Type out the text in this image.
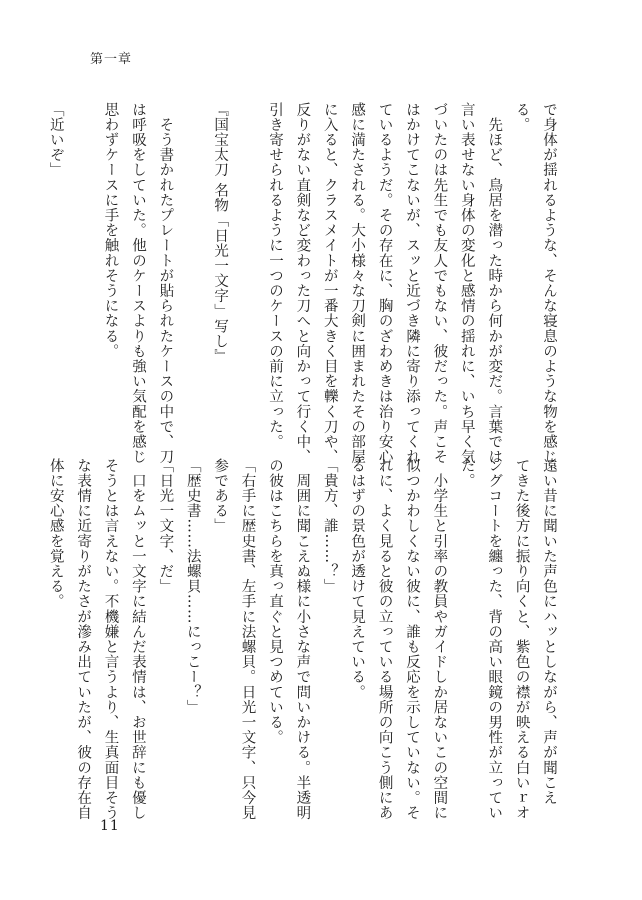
第一章
で身体が揺れるような、そんな寝息のような物を感じ
る。
　先ほど、鳥居を潜った時から何かが変だ。言葉では
言い表せない身体の変化と感情の揺れに、いち早く気
づいたのは先生でも友人でもない、彼だった。声こそ
はかけてこないが、スッと近づき隣に寄り添ってくれ
ているようだ。その存在に、胸のざわめきは治り安心
感に満たされる。大小様々な刀剣に囲まれたその部屋
に入ると、クラスメイトが一番大きく目を轢く刀や、
反りがない直剣など変わった刀へと向かって行く中、
引き寄せられるように一つのケースの前に立った。
『国宝太刀 名物「日光一文字」写し』
　そう書かれたプレートが貼られたケースの中で、刀
は呼吸をしていた。他のケースよりも強い気配を感じ
思わずケースに手を触れそうになる。
「近いぞ」
遠い昔に聞いた声色にハッとしながら、声が聞こえ
てきた後方に振り向くと、紫色の襟が映える白いｒオ
ングコートを纏った、背の高い眼鏡の男性が立ってい
た。
　小学生と引率の教員やガイドしか居ないこの空間に
似つかわしくない彼に、誰も反応を示していない。そ
れに、よく見ると彼の立っている場所の向こう側にあ
るはずの景色が透けて見えている。
「貴方、誰……？」
　周囲に聞こえぬ様に小さな声で問いかける。半透明
の彼はこちらを真っ直ぐと見つめている。
「右手に歴史書、左手に法螺貝。日光一文字、只今見
参である」
「歴史書……法螺貝……にっこー？」
「日光一文字、だ」
　口をムッと一文字に結んだ表情は、お世辞にも優し
そうとは言えない。不機嫌と言うより、生真面目そう
な表情に近寄りがたさが滲み出ていたが、彼の存在自
体に安心感を覚える。
11
